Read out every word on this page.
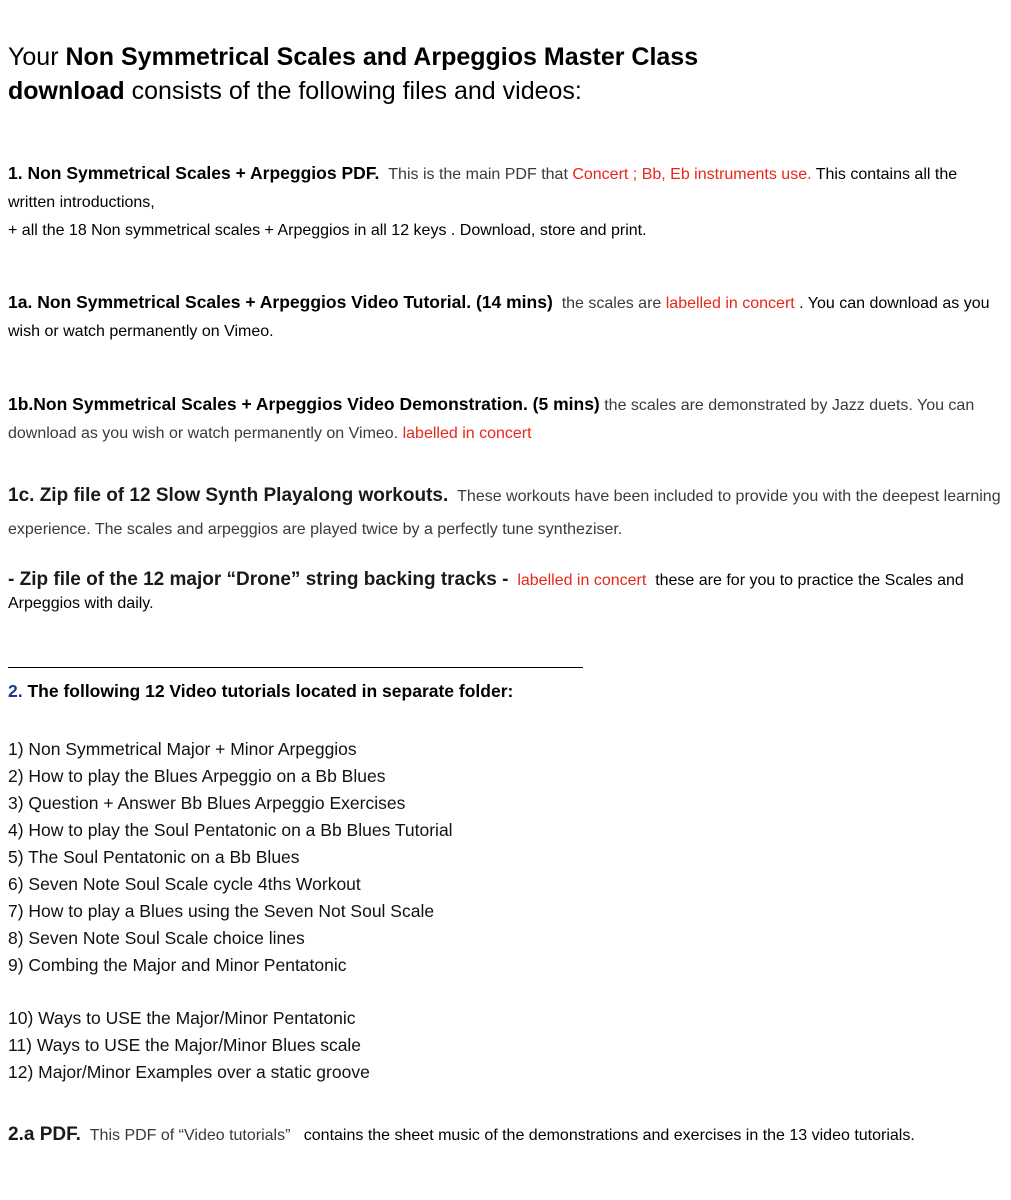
Your Non Symmetrical Scales and Arpeggios Master Class
download consists of the following files and videos:
1. Non Symmetrical Scales + Arpeggios PDF. This is the main PDF that Concert ; Bb, Eb instruments use. This contains all the written introductions,
+ all the 18 Non symmetrical scales + Arpeggios in all 12 keys . Download, store and print.
1a. Non Symmetrical Scales + Arpeggios Video Tutorial. (14 mins) the scales are labelled in concert . You can download as you wish or watch permanently on Vimeo.
1b.Non Symmetrical Scales + Arpeggios Video Demonstration. (5 mins) the scales are demonstrated by Jazz duets. You can download as you wish or watch permanently on Vimeo. labelled in concert
1c. Zip file of 12 Slow Synth Playalong workouts. These workouts have been included to provide you with the deepest learning experience. The scales and arpeggios are played twice by a perfectly tune syntheziser.
- Zip file of the 12 major “Drone” string backing tracks - labelled in concert these are for you to practice the Scales and Arpeggios with daily.
2. The following 12 Video tutorials located in separate folder:
1) Non Symmetrical Major + Minor Arpeggios
2) How to play the Blues Arpeggio on a Bb Blues
3) Question + Answer Bb Blues Arpeggio Exercises
4) How to play the Soul Pentatonic on a Bb Blues Tutorial
5) The Soul Pentatonic on a Bb Blues
6) Seven Note Soul Scale cycle 4ths Workout
7) How to play a Blues using the Seven Not Soul Scale
8) Seven Note Soul Scale choice lines
9) Combing the Major and Minor Pentatonic
10) Ways to USE the Major/Minor Pentatonic
11) Ways to USE the Major/Minor Blues scale
12) Major/Minor Examples over a static groove
2.a PDF. This PDF of “Video tutorials” contains the sheet music of the demonstrations and exercises in the 13 video tutorials.
